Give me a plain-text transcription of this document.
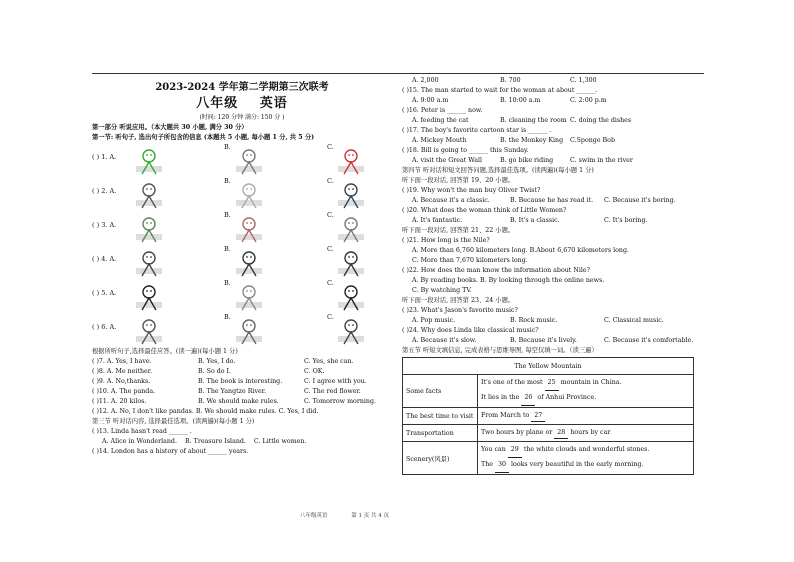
2023-2024 学年第二学期第三次联考
八年级 英语
(时间: 120 分钟 满分: 150 分 )
第一部分 听说应用。（本大题共 30 小题, 满分 30 分）
第一节: 听句子, 选出句子所包含的信息 (本题共 5 小题, 每小题 1 分, 共 5 分)
( ) 1. A.
B.	C.
( ) 2. A.
B.	C.
( ) 3. A.
B.	C.
( ) 4. A.
B.	C.
( ) 5. A.
B.	C.
( ) 6. A.
B.	C.
根据所听句子,选择最佳应答。(读一遍)(每小题 1 分)
( )7. A. Yes, I have.	B. Yes, I do.	C. Yes, she can.
( )8. A. Me neither.	B. So do I.	C. OK.
( )9. A. No,thanks.	B. The book is interesting.	C. I agree with you.
( )10. A. The panda.	B. The Yangtze River.	C. The red flower.
( )11. A. 20 kilos.	B. We should make rules.	C. Tomorrow morning.
( )12. A. No, I don't like pandas. B. We should make rules. C. Yes, I did.
第三节 听对话内容, 选择最佳选项。(读两遍)(每小题 1 分)
( )13. Linda hasn't read ______ .
A. Alice in Wonderland. B. Treasure Island. C. Little women.
( )14. London has a history of about ______ years.
A. 2,000	B. 700	C. 1,300
( )15. The man started to wait for the woman at about ______.
A. 9:00 a.m	B. 10:00 a.m	C. 2:00 p.m
( )16. Peter is ______ now.
A. feeding the cat	B. cleaning the room C. doing the dishes
( )17. The boy's favorite cartoon star is ______ .
A. Mickey Mouth	B. the Monkey King C.Sponge Bob
( )18. Bill is going to ______ this Sunday.
A. visit the Great Wall	B. go bike riding	C. swim in the river
第四节 听对话和短文回答问题,选择最佳选项。(读两遍)(每小题 1 分)
听下面一段对话, 回答第 19、20 小题。
( )19. Why won't the man buy Oliver Twist?
A. Because it's a classic.	B. Because he has read it. C. Because it's boring.
( )20. What does the woman think of Little Women?
A. It's fantastic.	B. It's a classic.	C. It's boring.
听下面一段对话, 回答第 21、22 小题。
( )21. How long is the Nile?
A. More than 6,760 kilometers long. B.About 6,670 kilometers long.
C. More than 7,670 kilometers long.
( )22. How does the man know the information about Nile?
A. By reading books. B. By looking through the online news.
C. By watching TV.
听下面一段对话, 回答第 23、24 小题。
( )23. What's Jason's favorite music?
A. Pop music.	B. Rock music.	C. Classical music.
( )24. Why does Linda like classical music?
A. Because it's slow.	B. Because it's lively.	C. Because it's comfortable.
第五节 听短文填信息, 完成表格与思维导图, 每空仅填一词。（读三遍）
The Yellow Mountain	
Some facts	It's one of the most 25 mountain in China.
It lies in the 26 of Anhui Province.

The best time to visit	From March to 27

Transportation	Two hours by plane or 28 hours by car

Scenery(风景)	You can 29 the white clouds and wonderful stones.
The 30 looks very beautiful in the early morning.
八年级英语	第 1 页 共 4 页
